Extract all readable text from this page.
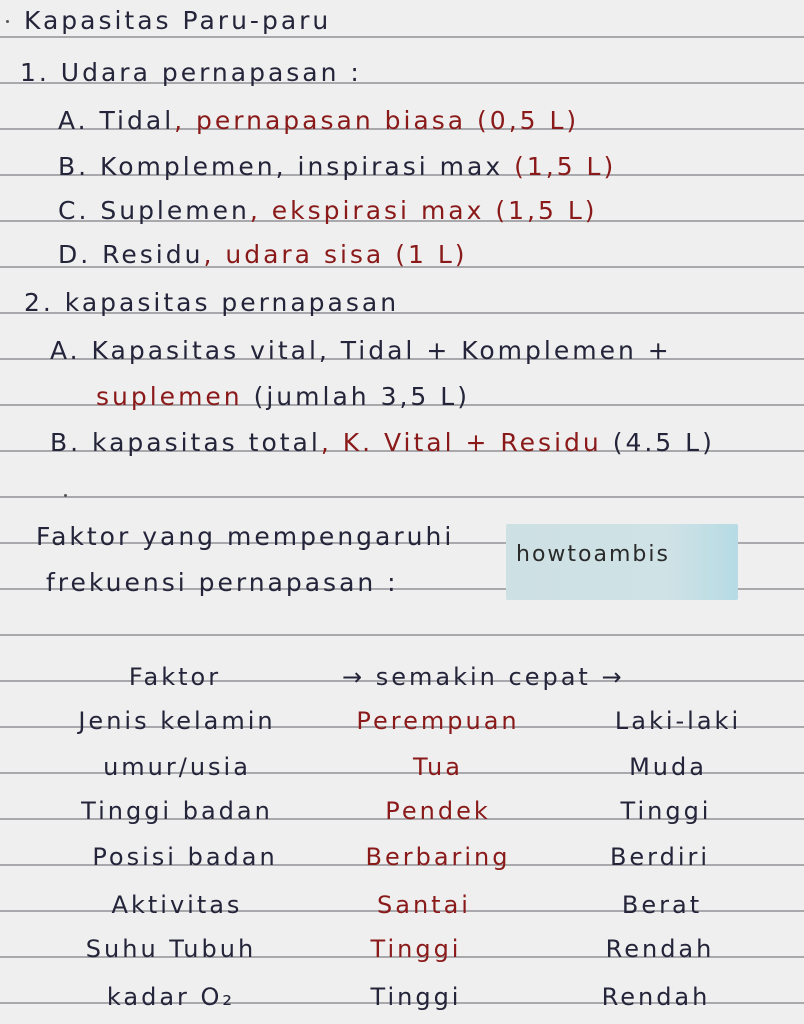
Kapasitas Paru-paru
1. Udara pernapasan :
A. Tidal, pernapasan biasa (0,5 L)
B. Komplemen, inspirasi max (1,5 L)
C. Suplemen, ekspirasi max (1,5 L)
D. Residu, udara sisa (1 L)
2. kapasitas pernapasan
A. Kapasitas vital, Tidal + Komplemen +
suplemen (jumlah 3,5 L)
B. kapasitas total, K. Vital + Residu (4.5 L)
Faktor yang mempengaruhi
frekuensi pernapasan :
howtoambis
Faktor	→ semakin cepat →
Jenis kelamin	Perempuan	Laki-laki
umur/usia	Tua	Muda
Tinggi badan	Pendek	Tinggi
Posisi badan	Berbaring	Berdiri
Aktivitas	Santai	Berat
Suhu Tubuh	Tinggi	Rendah
kadar O₂	Tinggi	Rendah
